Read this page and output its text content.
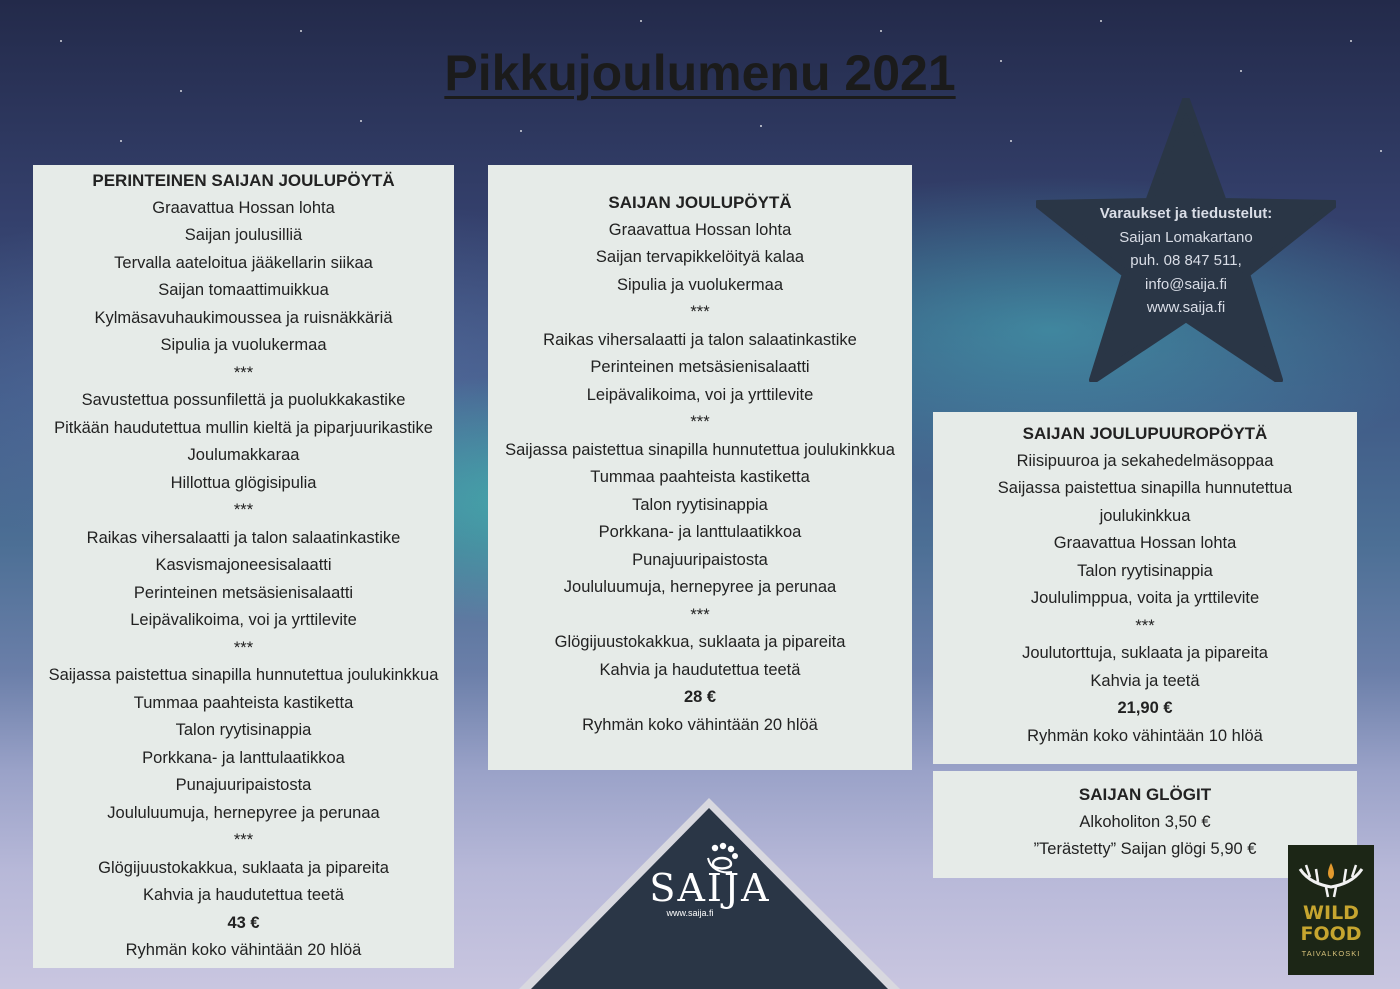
Pikkujoulumenu 2021
PERINTEINEN SAIJAN JOULUPÖYTÄ
Graavattua Hossan lohta
Saijan joulusilliä
Tervalla aateloitua jääkellarin siikaa
Saijan tomaattimuikkua
Kylmäsavuhaukimoussea ja ruisnäkkäriä
Sipulia ja vuolukermaa
***
Savustettua possunfilettä ja puolukkakastike
Pitkään haudutettua mullin kieltä ja piparjuurikastike
Joulumakkaraa
Hillottua glögisipulia
***
Raikas vihersalaatti ja talon salaatinkastike
Kasvismajoneesisalaatti
Perinteinen metsäsienisalaatti
Leipävalikoima, voi ja yrttilevite
***
Saijassa paistettua sinapilla hunnutettua joulukinkkua
Tummaa paahteista kastiketta
Talon ryytisinappia
Porkkana- ja lanttulaatikkoa
Punajuuripaistosta
Joululuumuja, hernepyree ja perunaa
***
Glögijuustokakkua, suklaata ja pipareita
Kahvia ja haudutettua teetä
43 €
Ryhmän koko vähintään 20 hlöä
SAIJAN JOULUPÖYTÄ
Graavattua Hossan lohta
Saijan tervapikkelöityä kalaa
Sipulia ja vuolukermaa
***
Raikas vihersalaatti ja talon salaatinkastike
Perinteinen metsäsienisalaatti
Leipävalikoima, voi ja yrttilevite
***
Saijassa paistettua sinapilla hunnutettua joulukinkkua
Tummaa paahteista kastiketta
Talon ryytisinappia
Porkkana- ja lanttulaatikkoa
Punajuuripaistosta
Joululuumuja, hernepyree ja perunaa
***
Glögijuustokakkua, suklaata ja pipareita
Kahvia ja haudutettua teetä
28 €
Ryhmän koko vähintään 20 hlöä
Varaukset ja tiedustelut:
Saijan Lomakartano
puh. 08 847 511,
info@saija.fi
www.saija.fi
SAIJAN JOULUPUUROPÖYTÄ
Riisipuuroa ja sekahedelmäsoppaa
Saijassa paistettua sinapilla hunnutettua
joulukinkkua
Graavattua Hossan lohta
Talon ryytisinappia
Joululimppua, voita ja yrttilevite
***
Joulutorttuja, suklaata ja pipareita
Kahvia ja teetä
21,90 €
Ryhmän koko vähintään 10 hlöä
SAIJAN GLÖGIT
Alkoholiton 3,50 €
”Terästetty” Saijan glögi 5,90 €
SAIJA
www.saija.fi	WILD
FOOD
TAIVALKOSKI
